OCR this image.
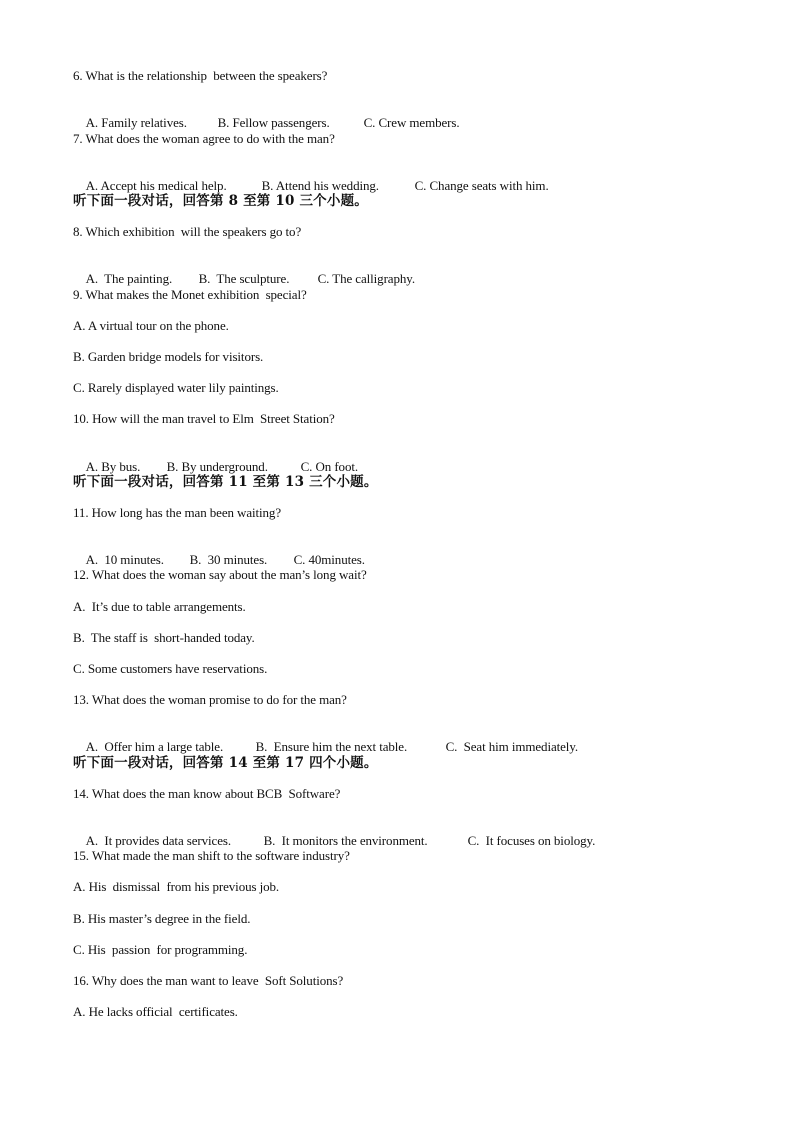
6. What is the relationship  between the speakers?

A. Family relatives. B. Fellow passengers.	C. Crew members.

7. What does the woman agree to do with the man?

A. Accept his medical help.	B. Attend his wedding.	C. Change seats with him.

听下面一段对话，回答第 8 至第 10 三个小题。
8. Which exhibition  will the speakers go to?

A.  The painting. B.  The sculpture. C. The calligraphy.

9. What makes the Monet exhibition  special?
A. A virtual tour on the phone.
B. Garden bridge models for visitors.
C. Rarely displayed water lily paintings.
10. How will the man travel to Elm  Street Station?

A. By bus. B. By underground.	C. On foot.

听下面一段对话，回答第 11 至第 13 三个小题。
11. How long has the man been waiting?

A.  10 minutes. B.  30 minutes. C. 40minutes.

12. What does the woman say about the man’s long wait?
A.  It’s due to table arrangements.
B.  The staff is  short-handed today.
C. Some customers have reservations.
13. What does the woman promise to do for the man?

A.  Offer him a large table. B.  Ensure him the next table.	C.  Seat him immediately.

听下面一段对话，回答第 14 至第 17 四个小题。
14. What does the man know about BCB  Software?

A.  It provides data services.	B.  It monitors the environment.	C.  It focuses on biology.

15. What made the man shift to the software industry?
A. His  dismissal  from his previous job.
B. His master’s degree in the field.
C. His  passion  for programming.
16. Why does the man want to leave  Soft Solutions?
A. He lacks official  certificates.
